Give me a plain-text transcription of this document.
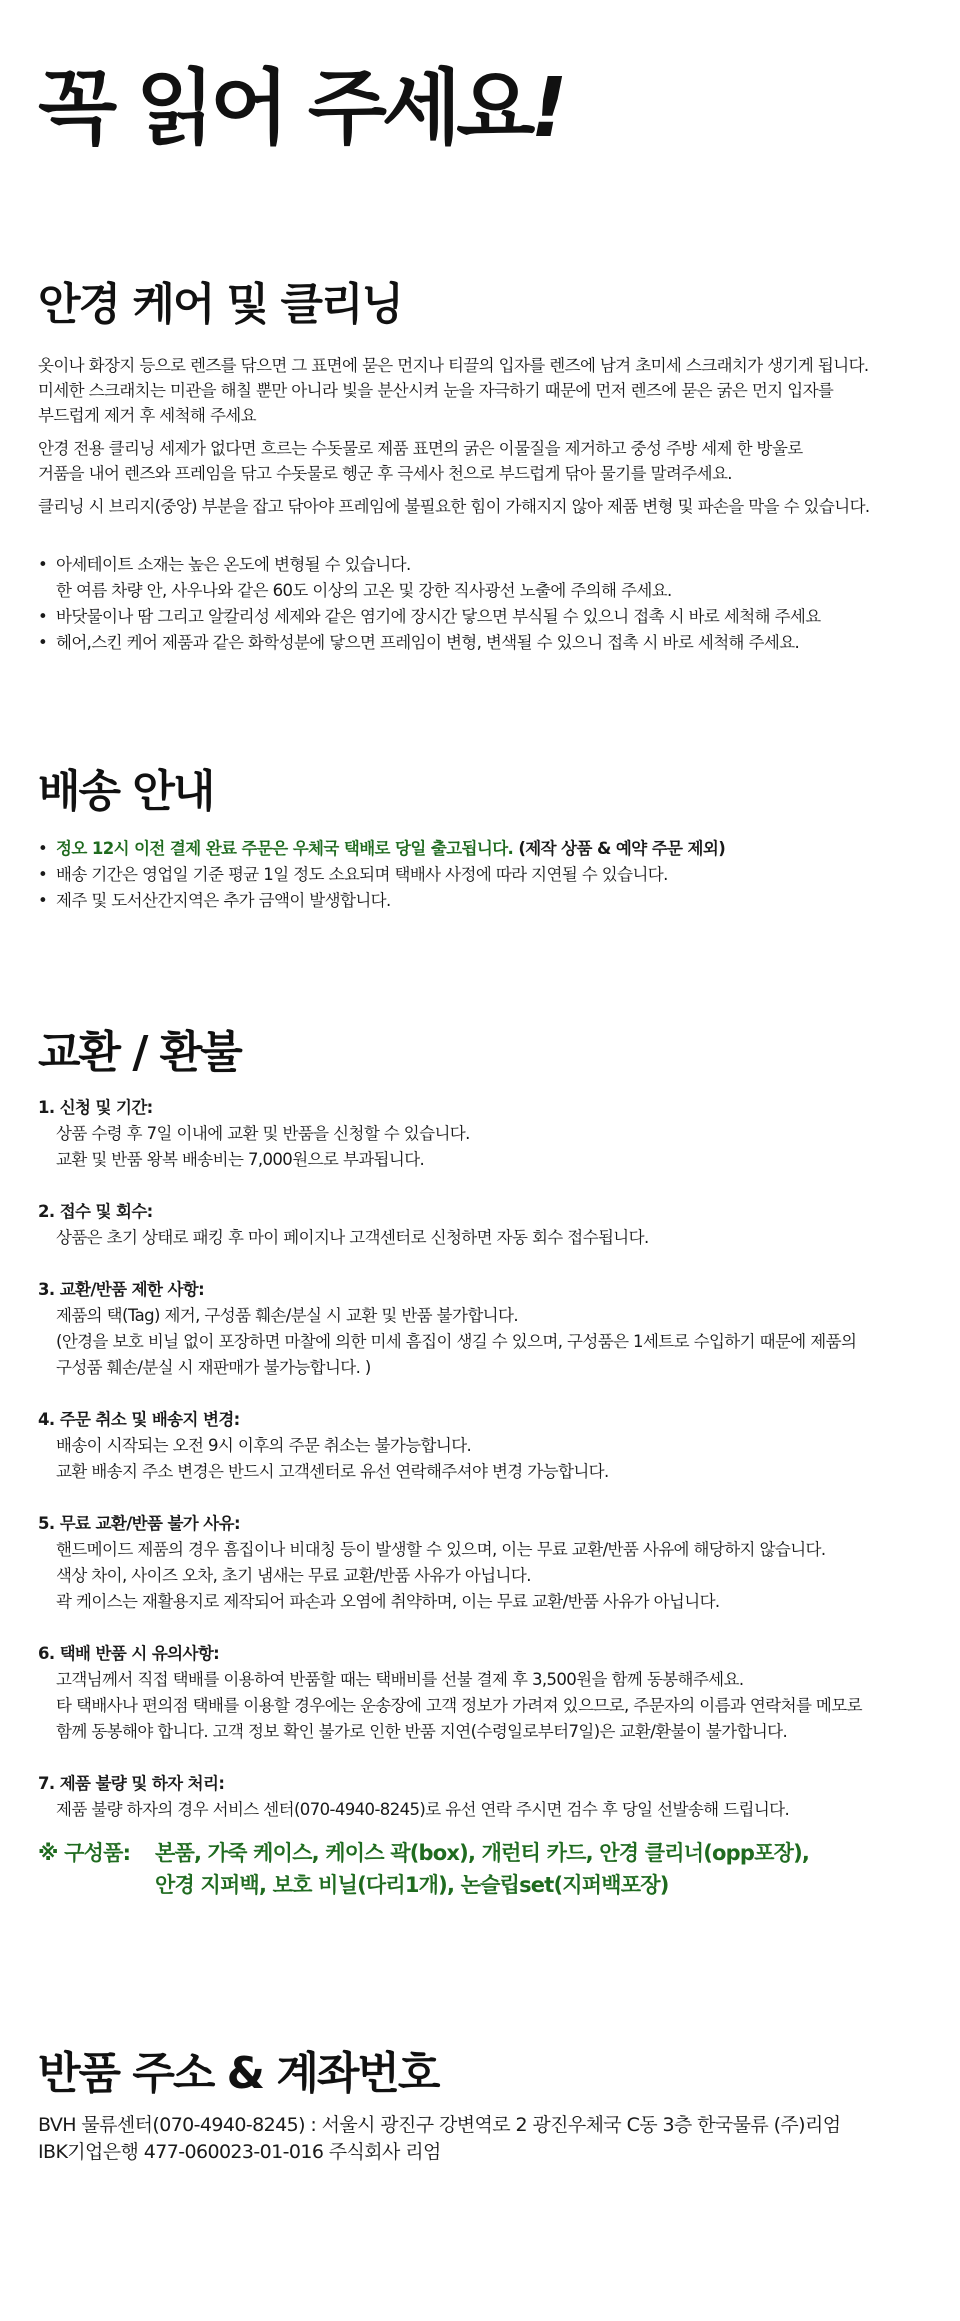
꼭 읽어 주세요!
안경 케어 및 클리닝

옷이나 화장지 등으로 렌즈를 닦으면 그 표면에 묻은 먼지나 티끌의 입자를 렌즈에 남겨 초미세 스크래치가 생기게 됩니다.
미세한 스크래치는 미관을 해칠 뿐만 아니라 빛을 분산시켜 눈을 자극하기 때문에 먼저 렌즈에 묻은 굵은 먼지 입자를
부드럽게 제거 후 세척해 주세요

안경 전용 클리닝 세제가 없다면 흐르는 수돗물로 제품 표면의 굵은 이물질을 제거하고 중성 주방 세제 한 방울로
거품을 내어 렌즈와 프레임을 닦고 수돗물로 헹군 후 극세사 천으로 부드럽게 닦아 물기를 말려주세요.

클리닝 시 브리지(중앙) 부분을 잡고 닦아야 프레임에 불필요한 힘이 가해지지 않아 제품 변형 및 파손을 막을 수 있습니다.

• 아세테이트 소재는 높은 온도에 변형될 수 있습니다.
한 여름 차량 안, 사우나와 같은 60도 이상의 고온 및 강한 직사광선 노출에 주의해 주세요.
• 바닷물이나 땀 그리고 알칼리성 세제와 같은 염기에 장시간 닿으면 부식될 수 있으니 접촉 시 바로 세척해 주세요
• 헤어,스킨 케어 제품과 같은 화학성분에 닿으면 프레임이 변형, 변색될 수 있으니 접촉 시 바로 세척해 주세요.
배송 안내
• 정오 12시 이전 결제 완료 주문은 우체국 택배로 당일 출고됩니다. (제작 상품 & 예약 주문 제외)
• 배송 기간은 영업일 기준 평균 1일 정도 소요되며 택배사 사정에 따라 지연될 수 있습니다.
• 제주 및 도서산간지역은 추가 금액이 발생합니다.
교환 / 환불
1. 신청 및 기간:
상품 수령 후 7일 이내에 교환 및 반품을 신청할 수 있습니다.
교환 및 반품 왕복 배송비는 7,000원으로 부과됩니다.
2. 접수 및 회수:
상품은 초기 상태로 패킹 후 마이 페이지나 고객센터로 신청하면 자동 회수 접수됩니다.
3. 교환/반품 제한 사항:
제품의 택(Tag) 제거, 구성품 훼손/분실 시 교환 및 반품 불가합니다.
(안경을 보호 비닐 없이 포장하면 마찰에 의한 미세 흠집이 생길 수 있으며, 구성품은 1세트로 수입하기 때문에 제품의
구성품 훼손/분실 시 재판매가 불가능합니다. )
4. 주문 취소 및 배송지 변경:
배송이 시작되는 오전 9시 이후의 주문 취소는 불가능합니다.
교환 배송지 주소 변경은 반드시 고객센터로 유선 연락해주셔야 변경 가능합니다.
5. 무료 교환/반품 불가 사유:
핸드메이드 제품의 경우 흠집이나 비대칭 등이 발생할 수 있으며, 이는 무료 교환/반품 사유에 해당하지 않습니다.
색상 차이, 사이즈 오차, 초기 냄새는 무료 교환/반품 사유가 아닙니다.
곽 케이스는 재활용지로 제작되어 파손과 오염에 취약하며, 이는 무료 교환/반품 사유가 아닙니다.
6. 택배 반품 시 유의사항:
고객님께서 직접 택배를 이용하여 반품할 때는 택배비를 선불 결제 후 3,500원을 함께 동봉해주세요.
타 택배사나 편의점 택배를 이용할 경우에는 운송장에 고객 정보가 가려져 있으므로, 주문자의 이름과 연락처를 메모로
함께 동봉해야 합니다. 고객 정보 확인 불가로 인한 반품 지연(수령일로부터7일)은 교환/환불이 불가합니다.
7. 제품 불량 및 하자 처리:
제품 불량 하자의 경우 서비스 센터(070-4940-8245)로 유선 연락 주시면 검수 후 당일 선발송해 드립니다.
※ 구성품:	본품, 가죽 케이스, 케이스 곽(box), 개런티 카드, 안경 클리너(opp포장),
안경 지퍼백, 보호 비닐(다리1개), 논슬립set(지퍼백포장)
반품 주소 & 계좌번호
BVH 물류센터(070-4940-8245) : 서울시 광진구 강변역로 2 광진우체국 C동 3층 한국물류 (주)리엄
IBK기업은행 477-060023-01-016 주식회사 리엄
